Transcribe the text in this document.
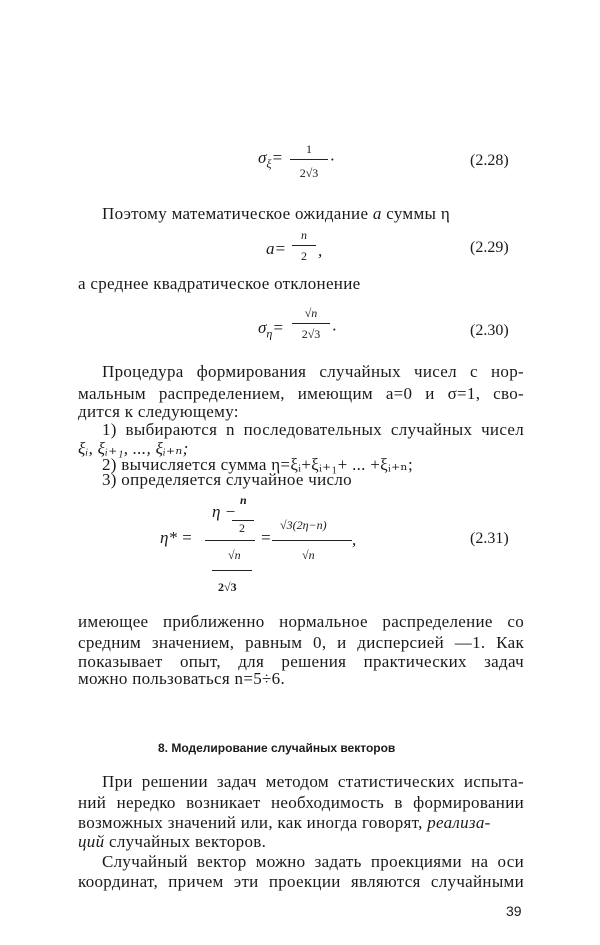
$\sigma_\xi= 1$
2√3
·	(2.28)
Поэтому математическое ожидание a суммы η
a=
n
2 ,	(2.29)
а среднее квадратическое отклонение
$\sigma_\eta=$
√n
2√3 ·	(2.30)
Процедура формирования случайных чисел с нор-
мальным распределением, имеющим a=0 и σ=1, сво-
дится к следующему:
1) выбираются n последовательных случайных чисел
ξᵢ, ξᵢ₊₁, ..., ξᵢ₊ₙ;
2) вычисляется сумма η=ξᵢ+ξᵢ₊₁+ ... +ξᵢ₊ₙ;
3) определяется случайное число
η* =
n
η −
2
√n
2√3
=
√3(2η−n)
√n
,	(2.31)
имеющее приближенно нормальное распределение со
средним значением, равным 0, и дисперсией —1. Как
показывает опыт, для решения практических задач
можно пользоваться n=5÷6.
8. Моделирование случайных векторов
При решении задач методом статистических испыта-
ний нередко возникает необходимость в формировании
возможных значений или, как иногда говорят, реализа-
ций случайных векторов.
Случайный вектор можно задать проекциями на оси
координат, причем эти проекции являются случайными
39
